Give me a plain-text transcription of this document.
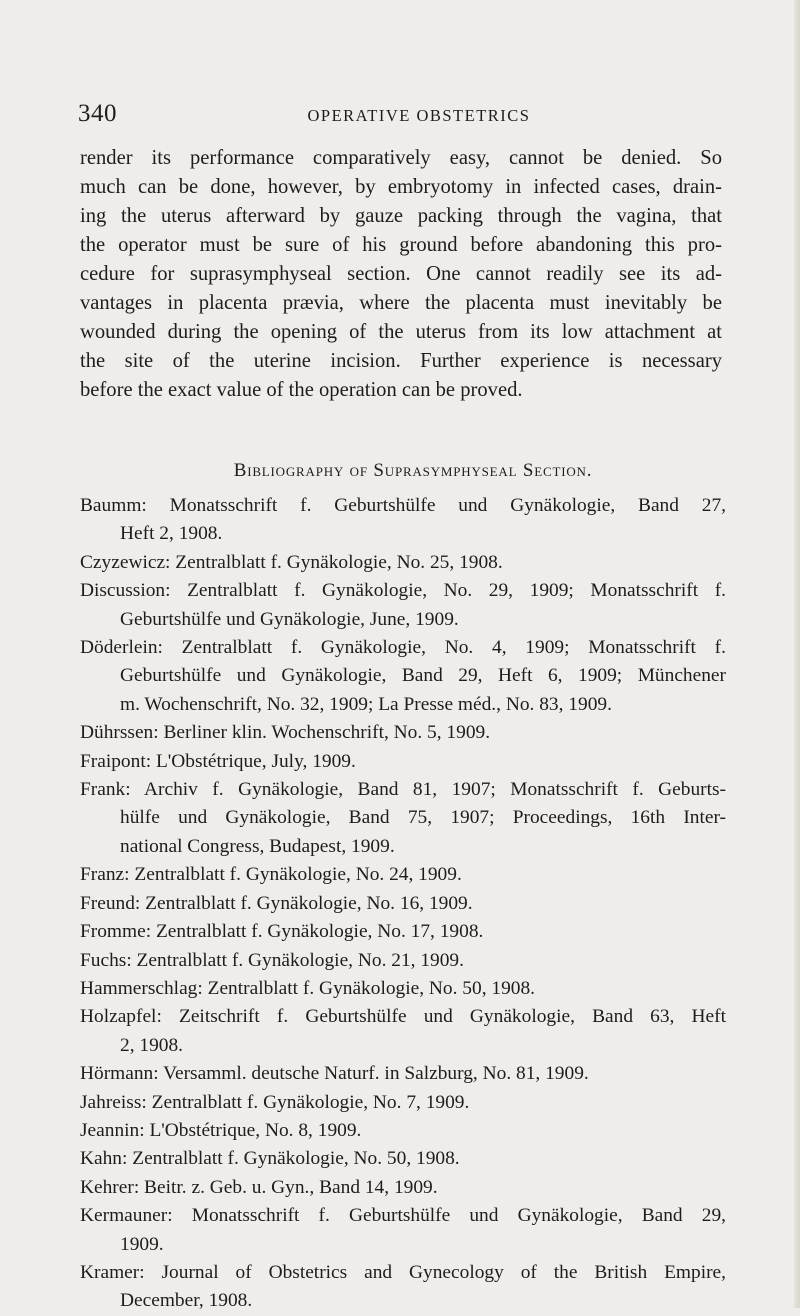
340	OPERATIVE OBSTETRICS
render its performance comparatively easy, cannot be denied. So
much can be done, however, by embryotomy in infected cases, drain-
ing the uterus afterward by gauze packing through the vagina, that
the operator must be sure of his ground before abandoning this pro-
cedure for suprasymphyseal section. One cannot readily see its ad-
vantages in placenta prævia, where the placenta must inevitably be
wounded during the opening of the uterus from its low attachment at
the site of the uterine incision. Further experience is necessary
before the exact value of the operation can be proved.
Bibliography of Suprasymphyseal Section.
Baumm: Monatsschrift f. Geburtshülfe und Gynäkologie, Band 27,
Heft 2, 1908.
Czyzewicz: Zentralblatt f. Gynäkologie, No. 25, 1908.
Discussion: Zentralblatt f. Gynäkologie, No. 29, 1909; Monatsschrift f.
Geburtshülfe und Gynäkologie, June, 1909.
Döderlein: Zentralblatt f. Gynäkologie, No. 4, 1909; Monatsschrift f.
Geburtshülfe und Gynäkologie, Band 29, Heft 6, 1909; Münchener
m. Wochenschrift, No. 32, 1909; La Presse méd., No. 83, 1909.
Dührssen: Berliner klin. Wochenschrift, No. 5, 1909.
Fraipont: L'Obstétrique, July, 1909.
Frank: Archiv f. Gynäkologie, Band 81, 1907; Monatsschrift f. Geburts-
hülfe und Gynäkologie, Band 75, 1907; Proceedings, 16th Inter-
national Congress, Budapest, 1909.
Franz: Zentralblatt f. Gynäkologie, No. 24, 1909.
Freund: Zentralblatt f. Gynäkologie, No. 16, 1909.
Fromme: Zentralblatt f. Gynäkologie, No. 17, 1908.
Fuchs: Zentralblatt f. Gynäkologie, No. 21, 1909.
Hammerschlag: Zentralblatt f. Gynäkologie, No. 50, 1908.
Holzapfel: Zeitschrift f. Geburtshülfe und Gynäkologie, Band 63, Heft
2, 1908.
Hörmann: Versamml. deutsche Naturf. in Salzburg, No. 81, 1909.
Jahreiss: Zentralblatt f. Gynäkologie, No. 7, 1909.
Jeannin: L'Obstétrique, No. 8, 1909.
Kahn: Zentralblatt f. Gynäkologie, No. 50, 1908.
Kehrer: Beitr. z. Geb. u. Gyn., Band 14, 1909.
Kermauner: Monatsschrift f. Geburtshülfe und Gynäkologie, Band 29,
1909.
Kramer: Journal of Obstetrics and Gynecology of the British Empire,
December, 1908.
